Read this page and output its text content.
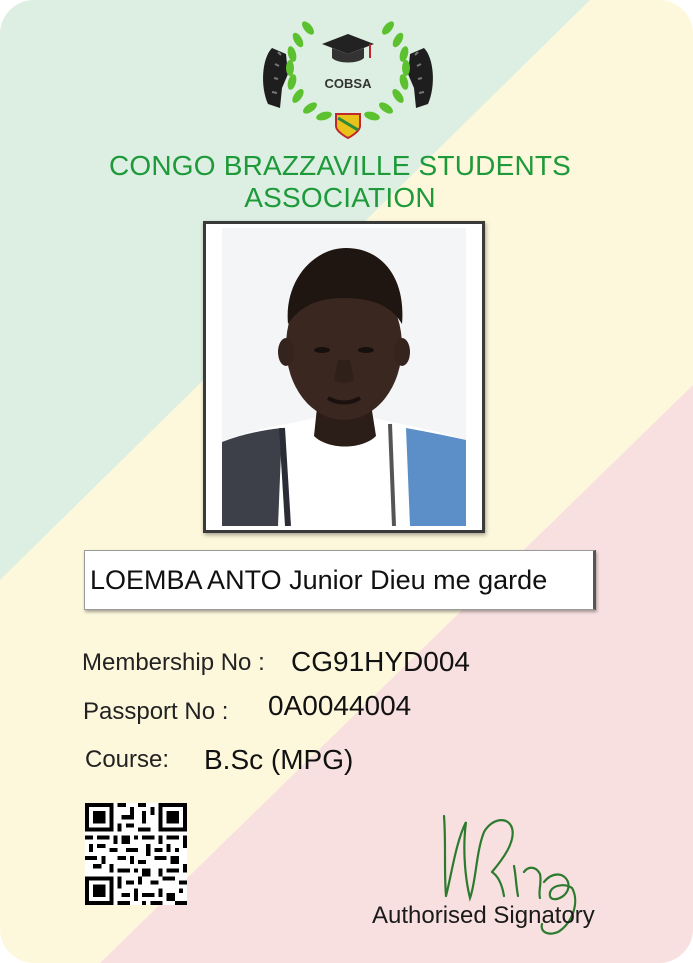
COBSA
CONGO BRAZZAVILLE STUDENTS
ASSOCIATION
LOEMBA ANTO Junior Dieu me garde
Membership No : CG91HYD004
Passport No : 0A0044004
Course: B.Sc (MPG)
Authorised Signatory
